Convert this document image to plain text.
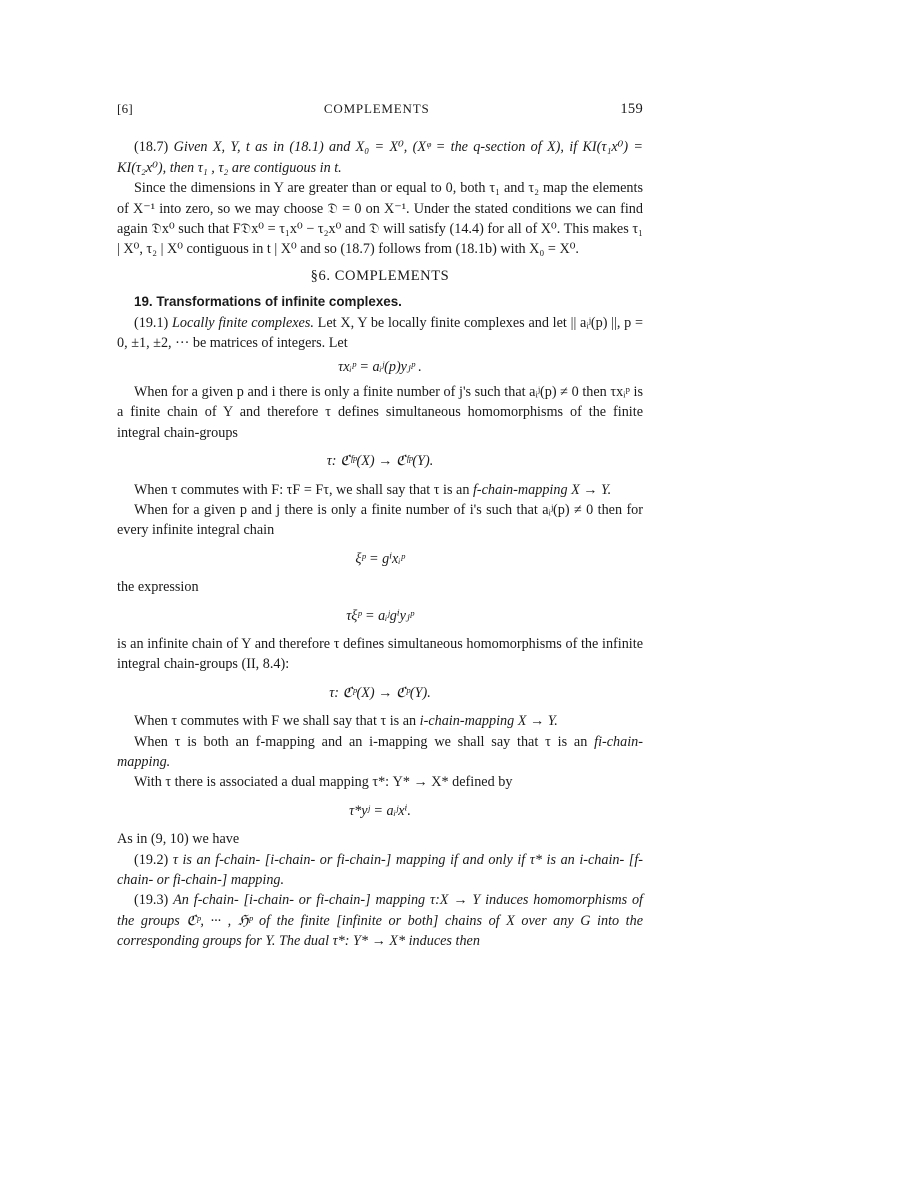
[6]	COMPLEMENTS	159

(18.7) Given X, Y, t as in (18.1) and X₀ = X⁰, (Xᵠ = the q-section of X), if KI(τ₁x⁰) = KI(τ₂x⁰), then τ₁ , τ₂ are contiguous in t.

Since the dimensions in Y are greater than or equal to 0, both τ₁ and τ₂ map the elements of X⁻¹ into zero, so we may choose 𝔇 = 0 on X⁻¹. Under the stated conditions we can find again 𝔇x⁰ such that F𝔇x⁰ = τ₁x⁰ − τ₂x⁰ and 𝔇 will satisfy (14.4) for all of X⁰. This makes τ₁ | X⁰, τ₂ | X⁰ contiguous in t | X⁰ and so (18.7) follows from (18.1b) with X₀ = X⁰.

§6. COMPLEMENTS

19. Transformations of infinite complexes.

(19.1) Locally finite complexes. Let X, Y be locally finite complexes and let || aᵢʲ(p) ||, p = 0, ±1, ±2, ··· be matrices of integers. Let

τxᵢᵖ = aᵢʲ(p)yⱼᵖ .

When for a given p and i there is only a finite number of j's such that aᵢʲ(p) ≠ 0 then τxᵢᵖ is a finite chain of Y and therefore τ defines simultaneous homomorphisms of the finite integral chain-groups

τ: ℭᶠᵖ(X) → ℭᶠᵖ(Y).

When τ commutes with F: τF = Fτ, we shall say that τ is an f-chain-mapping X → Y.

When for a given p and j there is only a finite number of i's such that aᵢʲ(p) ≠ 0 then for every infinite integral chain

ξᵖ = gⁱxᵢᵖ

the expression

τξᵖ = aᵢʲgⁱyⱼᵖ

is an infinite chain of Y and therefore τ defines simultaneous homomorphisms of the infinite integral chain-groups (II, 8.4):

τ: ℭᵖ(X) → ℭᵖ(Y).

When τ commutes with F we shall say that τ is an i-chain-mapping X → Y.

When τ is both an f-mapping and an i-mapping we shall say that τ is an fi-chain-mapping.

With τ there is associated a dual mapping τ*: Y* → X* defined by

τ*yʲ = aᵢʲxⁱ.

As in (9, 10) we have

(19.2) τ is an f-chain- [i-chain- or fi-chain-] mapping if and only if τ* is an i-chain- [f-chain- or fi-chain-] mapping.

(19.3) An f-chain- [i-chain- or fi-chain-] mapping τ:X → Y induces homomorphisms of the groups ℭᵖ, ··· , ℌᵖ of the finite [infinite or both] chains of X over any G into the corresponding groups for Y. The dual τ*: Y* → X* induces then
